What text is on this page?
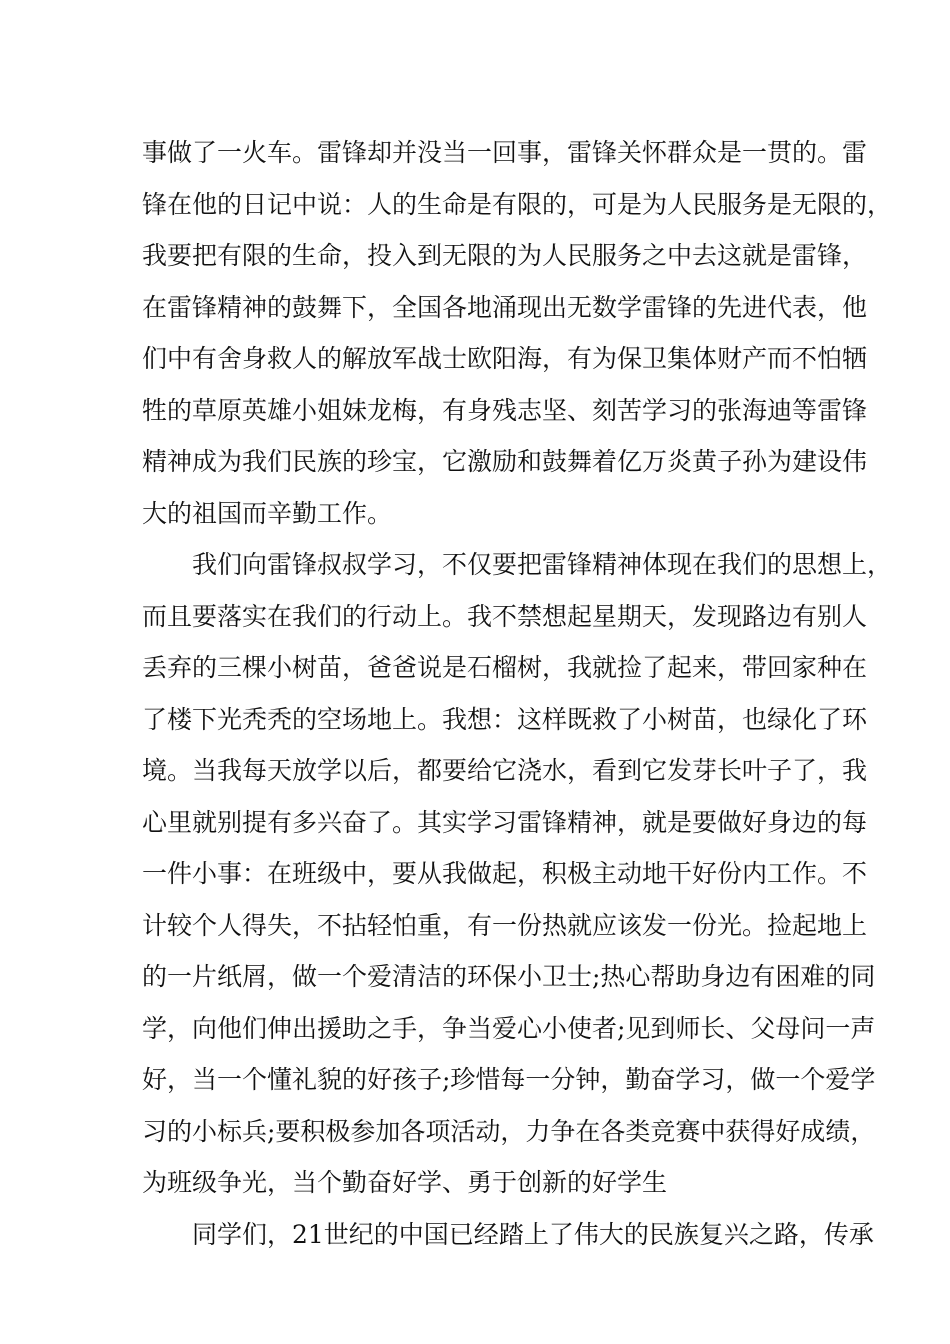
事做了一火车。雷锋却并没当一回事，雷锋关怀群众是一贯的。雷
锋在他的日记中说：人的生命是有限的，可是为人民服务是无限的，
我要把有限的生命，投入到无限的为人民服务之中去这就是雷锋，
在雷锋精神的鼓舞下，全国各地涌现出无数学雷锋的先进代表，他
们中有舍身救人的解放军战士欧阳海，有为保卫集体财产而不怕牺
牲的草原英雄小姐妹龙梅，有身残志坚、刻苦学习的张海迪等雷锋
精神成为我们民族的珍宝，它激励和鼓舞着亿万炎黄子孙为建设伟
大的祖国而辛勤工作。
我们向雷锋叔叔学习，不仅要把雷锋精神体现在我们的思想上，
而且要落实在我们的行动上。我不禁想起星期天，发现路边有别人
丢弃的三棵小树苗，爸爸说是石榴树，我就捡了起来，带回家种在
了楼下光秃秃的空场地上。我想：这样既救了小树苗，也绿化了环
境。当我每天放学以后，都要给它浇水，看到它发芽长叶子了，我
心里就别提有多兴奋了。其实学习雷锋精神，就是要做好身边的每
一件小事：在班级中，要从我做起，积极主动地干好份内工作。不
计较个人得失，不拈轻怕重，有一份热就应该发一份光。捡起地上
的一片纸屑，做一个爱清洁的环保小卫士;热心帮助身边有困难的同
学，向他们伸出援助之手，争当爱心小使者;见到师长、父母问一声
好，当一个懂礼貌的好孩子;珍惜每一分钟，勤奋学习，做一个爱学
习的小标兵;要积极参加各项活动，力争在各类竞赛中获得好成绩，
为班级争光，当个勤奋好学、勇于创新的好学生
同学们，21世纪的中国已经踏上了伟大的民族复兴之路，传承
